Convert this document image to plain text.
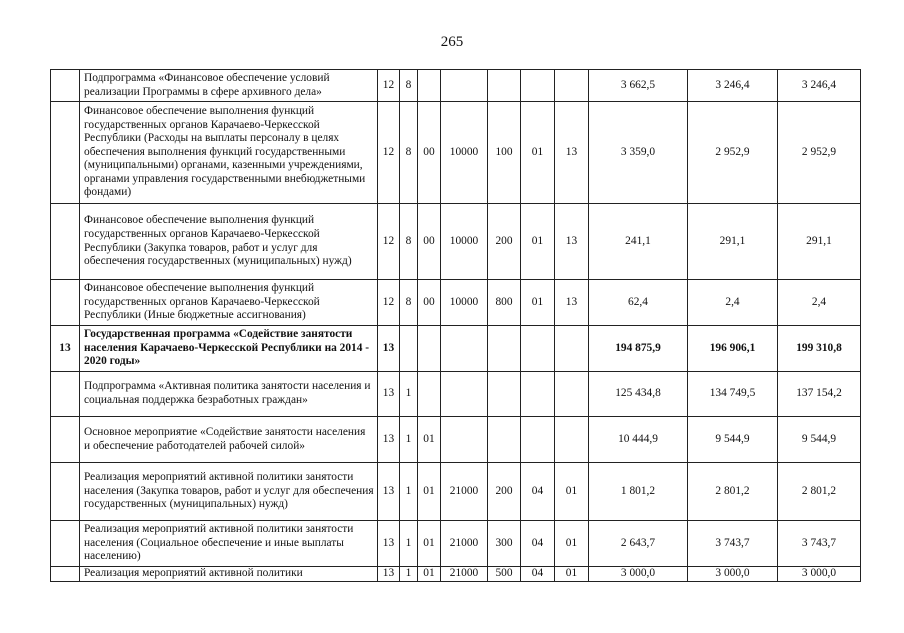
265
	Подпрограмма «Финансовое обеспечение условий реализации Программы в сфере архивного дела»	12	8						3 662,5	3 246,4	3 246,4
	Финансовое обеспечение выполнения функций государственных органов Карачаево-Черкесской Республики (Расходы на выплаты персоналу в целях обеспечения выполнения функций государственными (муниципальными) органами, казенными учреждениями, органами управления государственными внебюджетными фондами)	12	8	00	10000	100	01	13	3 359,0	2 952,9	2 952,9
	Финансовое обеспечение выполнения функций государственных органов Карачаево-Черкесской Республики (Закупка товаров, работ и услуг для обеспечения государственных (муниципальных) нужд)	12	8	00	10000	200	01	13	241,1	291,1	291,1
	Финансовое обеспечение выполнения функций государственных органов Карачаево-Черкесской Республики (Иные бюджетные ассигнования)	12	8	00	10000	800	01	13	62,4	2,4	2,4
13	Государственная программа «Содействие занятости населения Карачаево-Черкесской Республики на 2014 - 2020 годы»	13							194 875,9	196 906,1	199 310,8
	Подпрограмма «Активная политика занятости населения и социальная поддержка безработных граждан»	13	1						125 434,8	134 749,5	137 154,2
	Основное мероприятие «Содействие занятости населения и обеспечение работодателей рабочей силой»	13	1	01					10 444,9	9 544,9	9 544,9
	Реализация мероприятий активной политики занятости населения (Закупка товаров, работ и услуг для обеспечения государственных (муниципальных) нужд)	13	1	01	21000	200	04	01	1 801,2	2 801,2	2 801,2
	Реализация мероприятий активной политики занятости населения (Социальное обеспечение и иные выплаты населению)	13	1	01	21000	300	04	01	2 643,7	3 743,7	3 743,7
	Реализация мероприятий активной политики	13	1	01	21000	500	04	01	3 000,0	3 000,0	3 000,0
